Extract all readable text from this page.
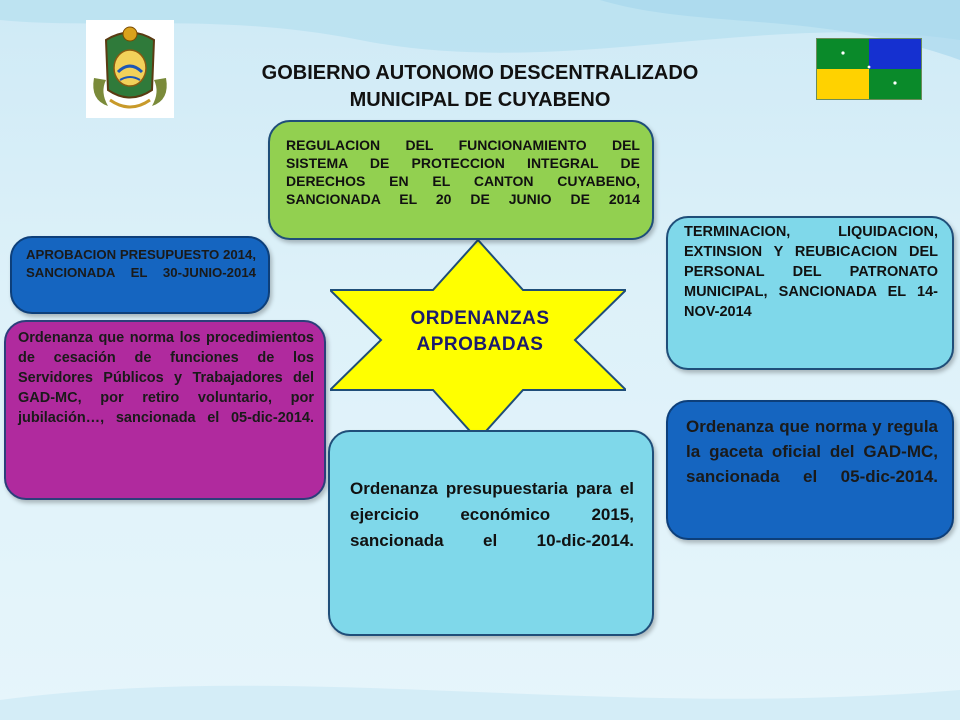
GOBIERNO AUTONOMO DESCENTRALIZADO
MUNICIPAL DE CUYABENO
ORDENANZAS
APROBADAS
REGULACION DEL FUNCIONAMIENTO DEL SISTEMA DE PROTECCION INTEGRAL DE DERECHOS EN EL CANTON CUYABENO, SANCIONADA EL 20 DE JUNIO DE 2014
APROBACION PRESUPUESTO 2014, SANCIONADA EL 30-JUNIO-2014
Ordenanza que norma los procedimientos de cesación de funciones de los Servidores Públicos y Trabajadores del GAD-MC, por retiro voluntario, por jubilación…, sancionada el 05-dic-2014.
TERMINACION, LIQUIDACION, EXTINSION Y REUBICACION DEL PERSONAL DEL PATRONATO MUNICIPAL, SANCIONADA EL 14-NOV-2014
Ordenanza que norma y regula la gaceta oficial del GAD-MC, sancionada el 05-dic-2014.
Ordenanza presupuestaria para el ejercicio económico 2015, sancionada el 10-dic-2014.
